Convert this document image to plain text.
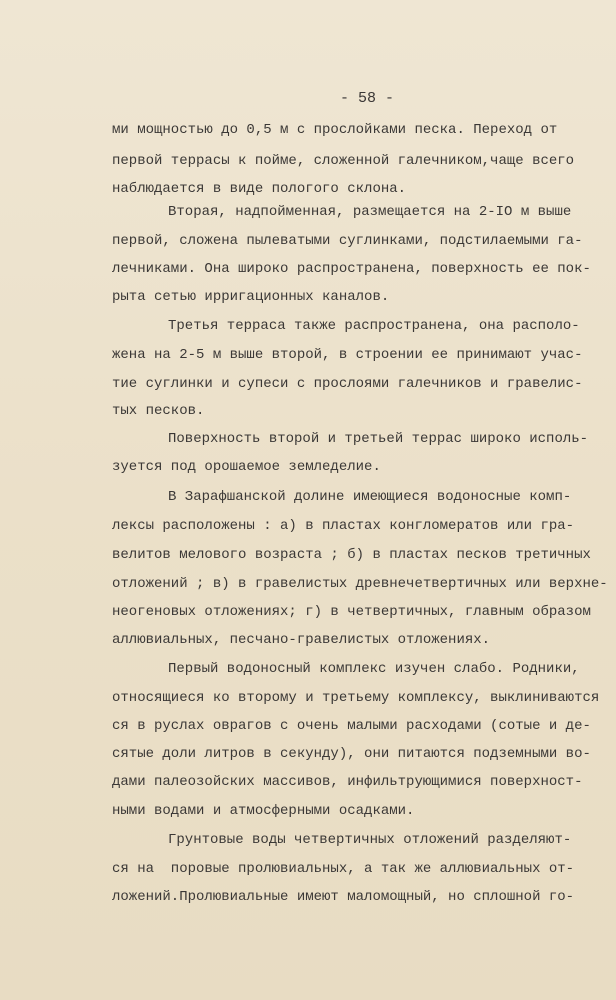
- 58 -
ми мощностью до 0,5 м с прослойками песка. Переход от
первой террасы к пойме, сложенной галечником,чаще всего
наблюдается в виде пологого склона.
Вторая, надпойменная, размещается на 2-IO м выше
первой, сложена пылеватыми суглинками, подстилаемыми га-
лечниками. Она широко распространена, поверхность ее пок-
рыта сетью ирригационных каналов.
Третья терраса также распространена, она располо-
жена на 2-5 м выше второй, в строении ее принимают учас-
тие суглинки и супеси с прослоями галечников и гравелис-
тых песков.
Поверхность второй и третьей террас широко исполь-
зуется под орошаемое земледелие.
В Зарафшанской долине имеющиеся водоносные комп-
лексы расположены : а) в пластах конгломератов или гра-
велитов мелового возраста ; б) в пластах песков третичных
отложений ; в) в гравелистых древнечетвертичных или верхне-
неогеновых отложениях; г) в четвертичных, главным образом
аллювиальных, песчано-гравелистых отложениях.
Первый водоносный комплекс изучен слабо. Родники,
относящиеся ко второму и третьему комплексу, выклиниваются
ся в руслах оврагов с очень малыми расходами (сотые и де-
сятые доли литров в секунду), они питаются подземными во-
дами палеозойских массивов, инфильтрующимися поверхност-
ными водами и атмосферными осадками.
Грунтовые воды четвертичных отложений разделяют-
ся на  поровые пролювиальных, а так же аллювиальных от-
ложений.Пролювиальные имеют маломощный, но сплошной го-
